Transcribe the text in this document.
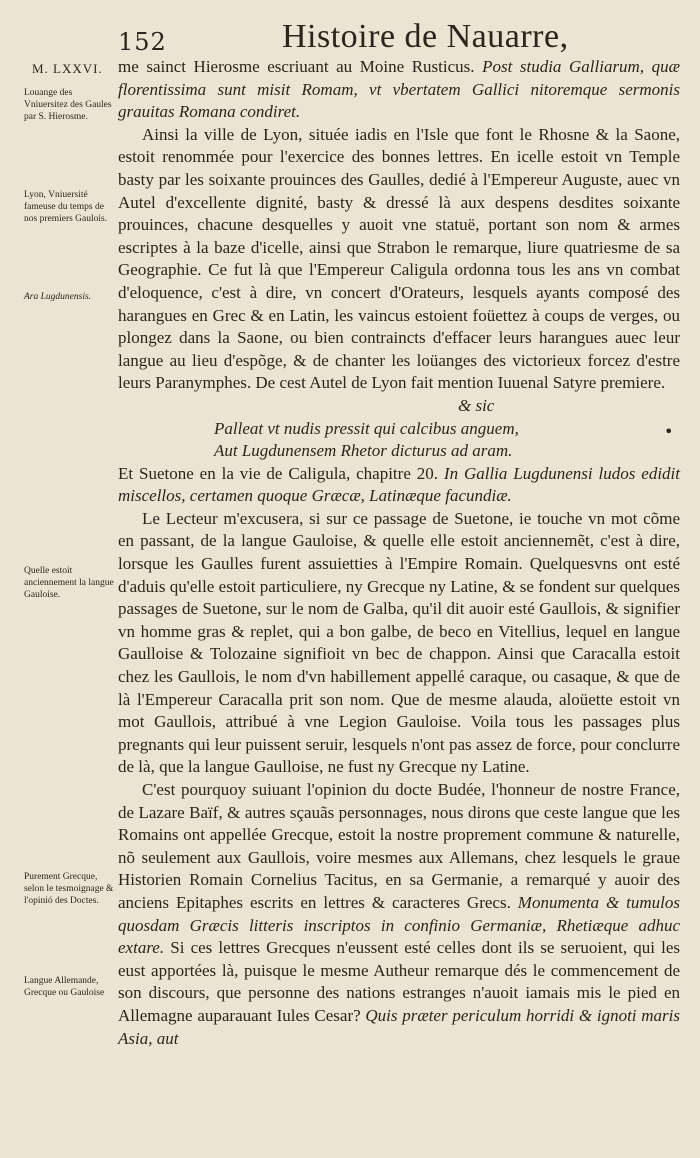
152	Histoire de Nauarre,
M. LXXVI.
Louange des Vniuersitez des Gaules par S. Hierosme.
Lyon, Vniuersité fameuse du temps de nos premiers Gaulois.
Ara Lugdunensis.
Quelle estoit anciennement la langue Gauloise.
Purement Grecque, selon le tesmoignage & l'opinió des Doctes.
Langue Allemande, Grecque ou Gauloise

me sainct Hierosme escriuant au Moine Rusticus. Post studia Galliarum, quæ florentissima sunt misit Romam, vt vbertatem Gallici nitoremque sermonis grauitas Romana condiret.

Ainsi la ville de Lyon, située iadis en l'Isle que font le Rhosne & la Saone, estoit renommée pour l'exercice des bonnes lettres. En icelle estoit vn Temple basty par les soixante prouinces des Gaulles, dedié à l'Empereur Auguste, auec vn Autel d'excellente dignité, basty & dressé là aux despens desdites soixante prouinces, chacune desquelles y auoit vne statuë, portant son nom & armes escriptes à la baze d'icelle, ainsi que Strabon le remarque, liure quatriesme de sa Geographie. Ce fut là que l'Empereur Caligula ordonna tous les ans vn combat d'eloquence, c'est à dire, vn concert d'Orateurs, lesquels ayants composé des harangues en Grec & en Latin, les vaincus estoient foüettez à coups de verges, ou plongez dans la Saone, ou bien contraincts d'effacer leurs harangues auec leur langue au lieu d'espõge, & de chanter les loüanges des victorieux forcez d'estre leurs Paranymphes. De cest Autel de Lyon fait mention Iuuenal Satyre premiere.

& sic

Palleat vt nudis pressit qui calcibus anguem,

Aut Lugdunensem Rhetor dicturus ad aram.

Et Suetone en la vie de Caligula, chapitre 20. In Gallia Lugdunensi ludos edidit miscellos, certamen quoque Græcæ, Latinæque facundiæ.

Le Lecteur m'excusera, si sur ce passage de Suetone, ie touche vn mot cõme en passant, de la langue Gauloise, & quelle elle estoit anciennemẽt, c'est à dire, lorsque les Gaulles furent assuietties à l'Empire Romain. Quelquesvns ont esté d'aduis qu'elle estoit particuliere, ny Grecque ny Latine, & se fondent sur quelques passages de Suetone, sur le nom de Galba, qu'il dit auoir esté Gaullois, & signifier vn homme gras & replet, qui a bon galbe, de beco en Vitellius, lequel en langue Gaulloise & Tolozaine signifioit vn bec de chappon. Ainsi que Caracalla estoit chez les Gaullois, le nom d'vn habillement appellé caraque, ou casaque, & que de là l'Empereur Caracalla prit son nom. Que de mesme alauda, aloüette estoit vn mot Gaullois, attribué à vne Legion Gauloise. Voila tous les passages plus pregnants qui leur puissent seruir, lesquels n'ont pas assez de force, pour conclurre de là, que la langue Gaulloise, ne fust ny Grecque ny Latine.

C'est pourquoy suiuant l'opinion du docte Budée, l'honneur de nostre France, de Lazare Baïf, & autres sçauãs personnages, nous dirons que ceste langue que les Romains ont appellée Grecque, estoit la nostre proprement commune & naturelle, nõ seulement aux Gaullois, voire mesmes aux Allemans, chez lesquels le graue Historien Romain Cornelius Tacitus, en sa Germanie, a remarqué y auoir des anciens Epitaphes escrits en lettres & caracteres Grecs. Monumenta & tumulos quosdam Græcis litteris inscriptos in confinio Germaniæ, Rhetiæque adhuc extare. Si ces lettres Grecques n'eussent esté celles dont ils se seruoient, qui les eust apportées là, puisque le mesme Autheur remarque dés le commencement de son discours, que personne des nations estranges n'auoit iamais mis le pied en Allemagne auparauant Iules Cesar? Quis præter periculum horridi & ignoti maris Asia, aut

•
